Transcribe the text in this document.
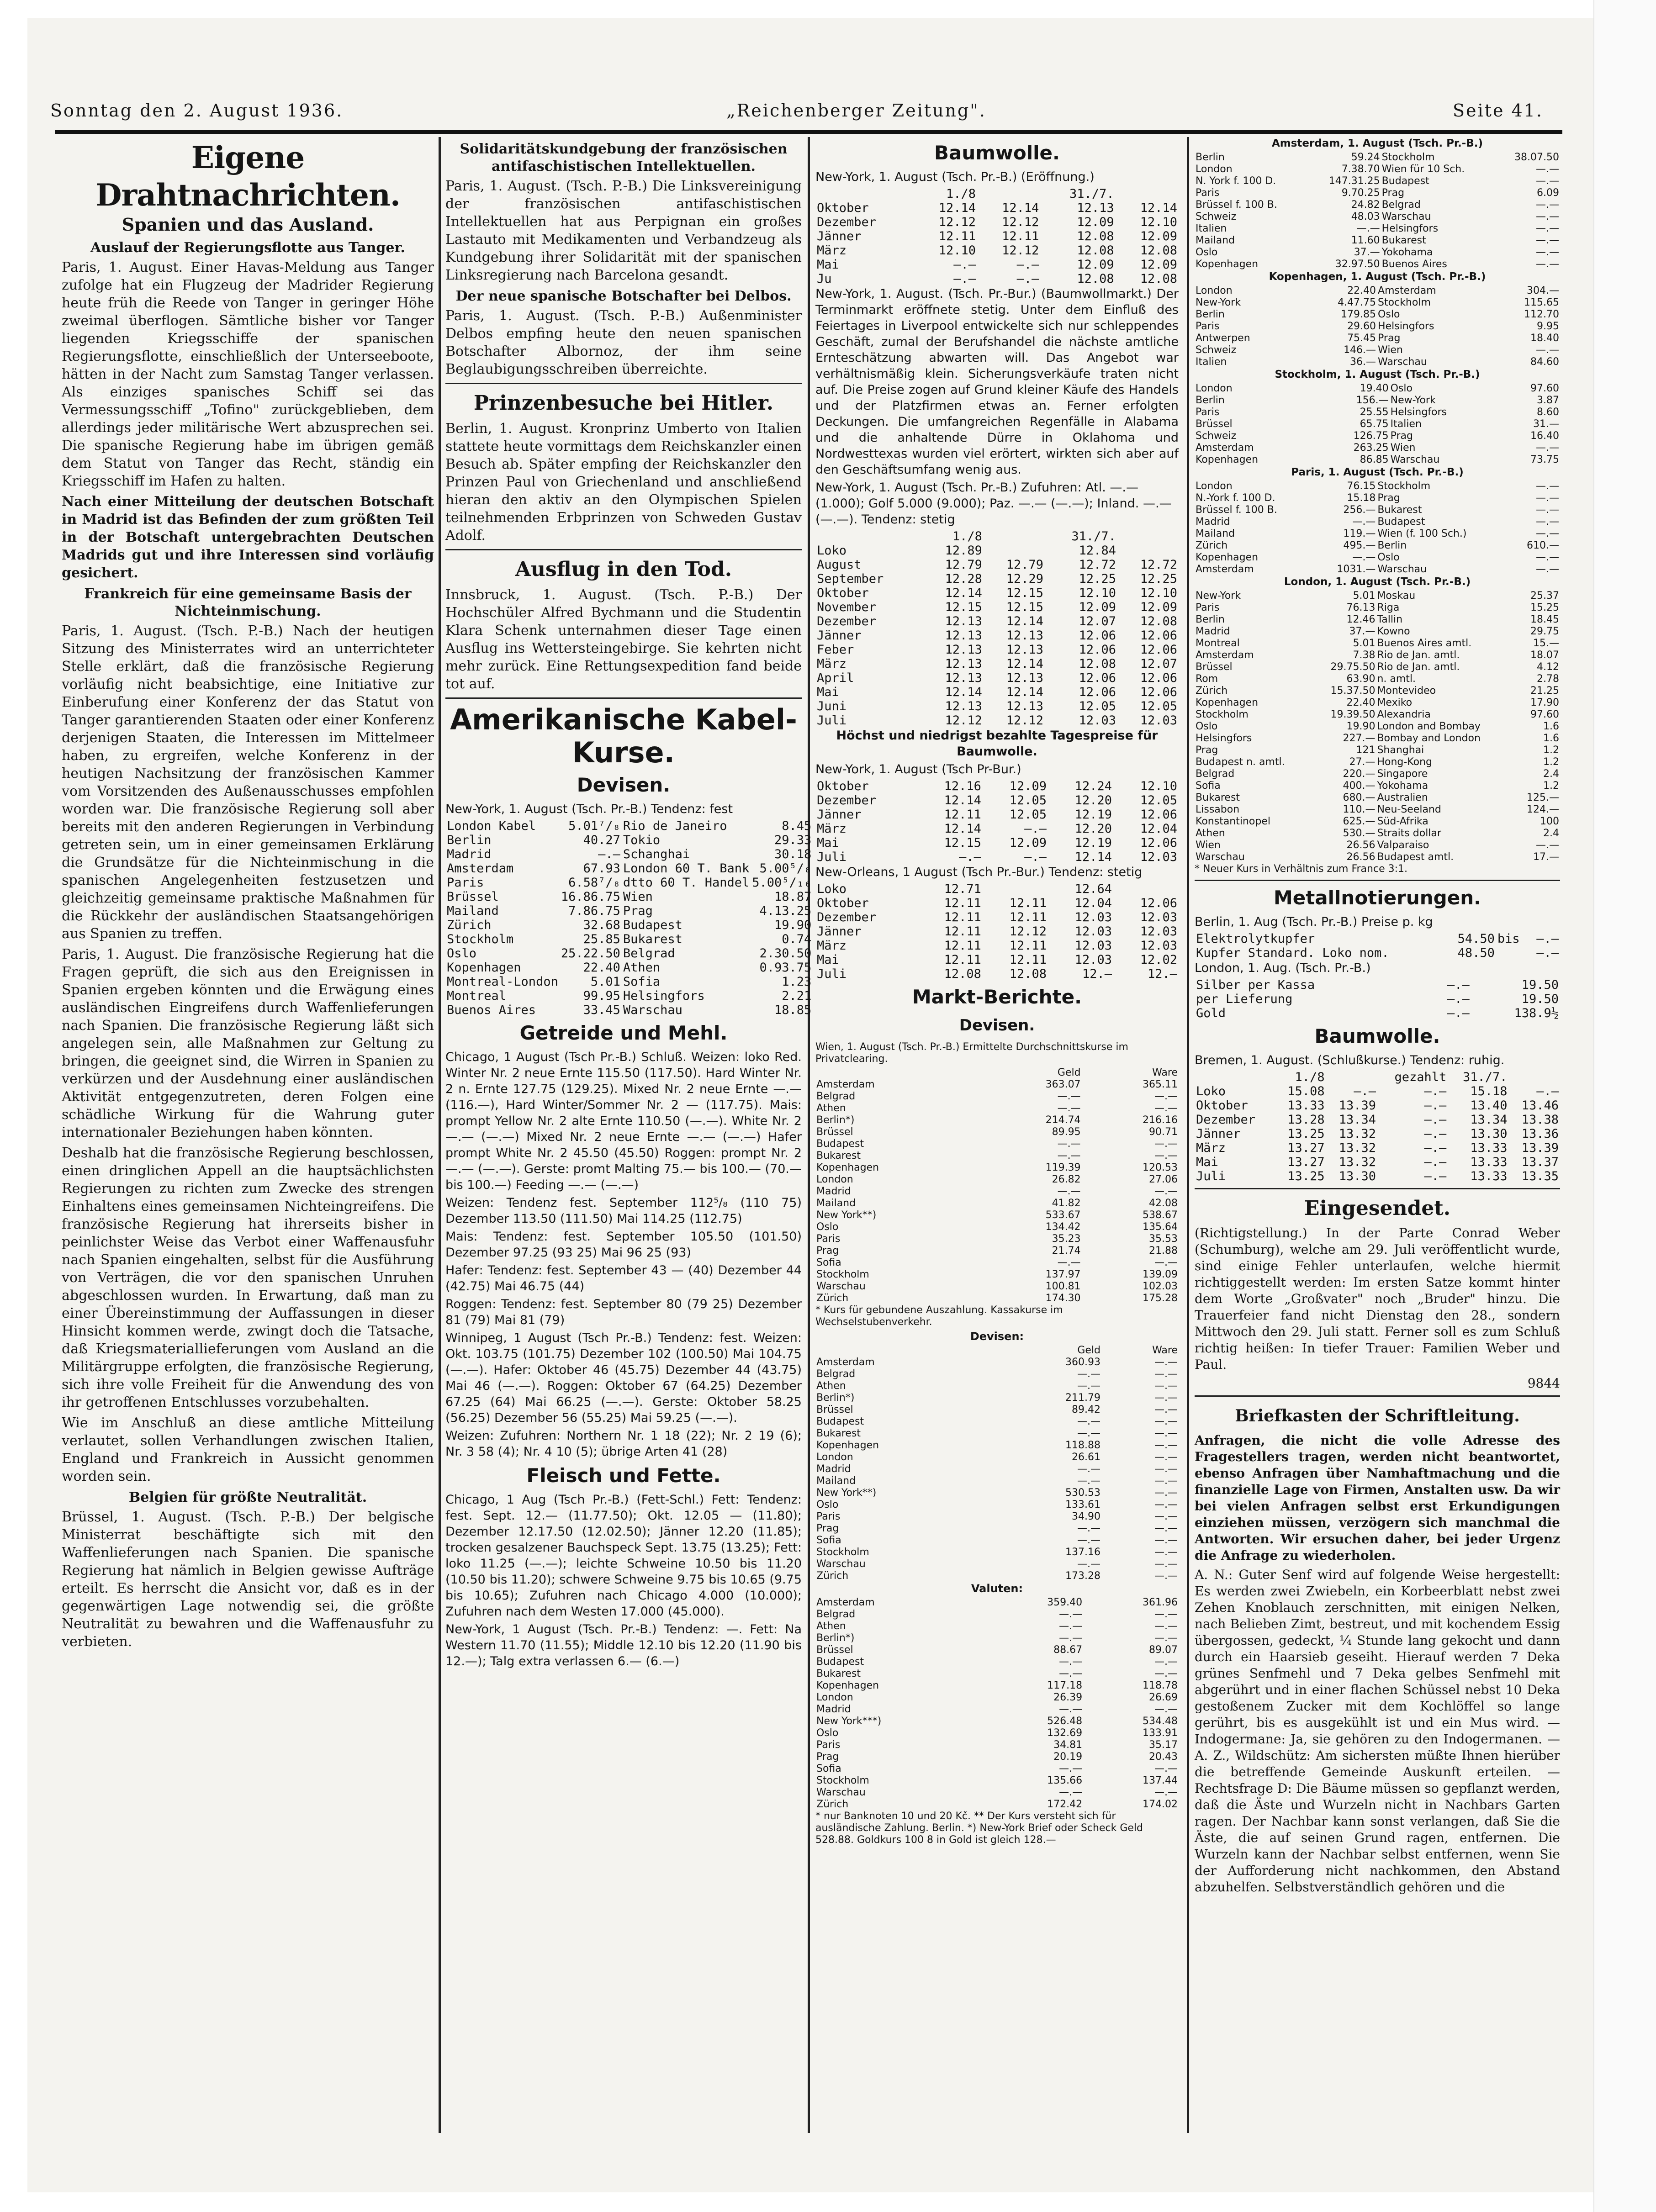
Sonntag den 2. August 1936.	„Reichenberger Zeitung".	Seite 41.
Eigene Drahtnachrichten.
Spanien und das Ausland.
Auslauf der Regierungsflotte aus Tanger.

Paris, 1. August. Einer Havas-Meldung aus Tanger zufolge hat ein Flugzeug der Madrider Regierung heute früh die Reede von Tanger in geringer Höhe zweimal überflogen. Sämtliche bisher vor Tanger liegenden Kriegsschiffe der spanischen Regierungsflotte, einschließlich der Unterseeboote, hätten in der Nacht zum Samstag Tanger verlassen. Als einziges spanisches Schiff sei das Vermessungsschiff „Tofino" zurückgeblieben, dem allerdings jeder militärische Wert abzusprechen sei. Die spanische Regierung habe im übrigen gemäß dem Statut von Tanger das Recht, ständig ein Kriegsschiff im Hafen zu halten.

Nach einer Mitteilung der deutschen Botschaft in Madrid ist das Befinden der zum größten Teil in der Botschaft untergebrachten Deutschen Madrids gut und ihre Interessen sind vorläufig gesichert.

Frankreich für eine gemeinsame Basis der Nichteinmischung.

Paris, 1. August. (Tsch. P.-B.) Nach der heutigen Sitzung des Ministerrates wird an unterrichteter Stelle erklärt, daß die französische Regierung vorläufig nicht beabsichtige, eine Initiative zur Einberufung einer Konferenz der das Statut von Tanger garantierenden Staaten oder einer Konferenz derjenigen Staaten, die Interessen im Mittelmeer haben, zu ergreifen, welche Konferenz in der heutigen Nachsitzung der französischen Kammer vom Vorsitzenden des Außenausschusses empfohlen worden war. Die französische Regierung soll aber bereits mit den anderen Regierungen in Verbindung getreten sein, um in einer gemeinsamen Erklärung die Grundsätze für die Nichteinmischung in die spanischen Angelegenheiten festzusetzen und gleichzeitig gemeinsame praktische Maßnahmen für die Rückkehr der ausländischen Staatsangehörigen aus Spanien zu treffen.

Paris, 1. August. Die französische Regierung hat die Fragen geprüft, die sich aus den Ereignissen in Spanien ergeben könnten und die Erwägung eines ausländischen Eingreifens durch Waffenlieferungen nach Spanien. Die französische Regierung läßt sich angelegen sein, alle Maßnahmen zur Geltung zu bringen, die geeignet sind, die Wirren in Spanien zu verkürzen und der Ausdehnung einer ausländischen Aktivität entgegenzutreten, deren Folgen eine schädliche Wirkung für die Wahrung guter internationaler Beziehungen haben könnten.

Deshalb hat die französische Regierung beschlossen, einen dringlichen Appell an die hauptsächlichsten Regierungen zu richten zum Zwecke des strengen Einhaltens eines gemeinsamen Nichteingreifens. Die französische Regierung hat ihrerseits bisher in peinlichster Weise das Verbot einer Waffenausfuhr nach Spanien eingehalten, selbst für die Ausführung von Verträgen, die vor den spanischen Unruhen abgeschlossen wurden. In Erwartung, daß man zu einer Übereinstimmung der Auffassungen in dieser Hinsicht kommen werde, zwingt doch die Tatsache, daß Kriegsmateriallieferungen vom Ausland an die Militärgruppe erfolgten, die französische Regierung, sich ihre volle Freiheit für die Anwendung des von ihr getroffenen Entschlusses vorzubehalten.

Wie im Anschluß an diese amtliche Mitteilung verlautet, sollen Verhandlungen zwischen Italien, England und Frankreich in Aussicht genommen worden sein.

Belgien für größte Neutralität.

Brüssel, 1. August. (Tsch. P.-B.) Der belgische Ministerrat beschäftigte sich mit den Waffenlieferungen nach Spanien. Die spanische Regierung hat nämlich in Belgien gewisse Aufträge erteilt. Es herrscht die Ansicht vor, daß es in der gegenwärtigen Lage notwendig sei, die größte Neutralität zu bewahren und die Waffenausfuhr zu verbieten.

Solidaritätskundgebung der französischen antifaschistischen Intellektuellen.

Paris, 1. August. (Tsch. P.-B.) Die Linksvereinigung der französischen antifaschistischen Intellektuellen hat aus Perpignan ein großes Lastauto mit Medikamenten und Verbandzeug als Kundgebung ihrer Solidarität mit der spanischen Linksregierung nach Barcelona gesandt.

Der neue spanische Botschafter bei Delbos.

Paris, 1. August. (Tsch. P.-B.) Außenminister Delbos empfing heute den neuen spanischen Botschafter Albornoz, der ihm seine Beglaubigungsschreiben überreichte.

Prinzenbesuche bei Hitler.

Berlin, 1. August. Kronprinz Umberto von Italien stattete heute vormittags dem Reichskanzler einen Besuch ab. Später empfing der Reichskanzler den Prinzen Paul von Griechenland und anschließend hieran den aktiv an den Olympischen Spielen teilnehmenden Erbprinzen von Schweden Gustav Adolf.

Ausflug in den Tod.

Innsbruck, 1. August. (Tsch. P.-B.) Der Hochschüler Alfred Bychmann und die Studentin Klara Schenk unternahmen dieser Tage einen Ausflug ins Wettersteingebirge. Sie kehrten nicht mehr zurück. Eine Rettungsexpedition fand beide tot auf.

Amerikanische Kabel-Kurse.
Devisen.
New-York, 1. August (Tsch. Pr.-B.) Tendenz: fest
London Kabel	5.01⁷/₈	Rio de Janeiro	8.45
Berlin	40.27	Tokio	29.33
Madrid	—.—	Schanghai	30.18
Amsterdam	67.93	London 60 T. Bank	5.00⁵/₈
Paris	6.58⁷/₈	dtto 60 T. Handel	5.00⁵/₁₆
Brüssel	16.86.75	Wien	18.87
Mailand	7.86.75	Prag	4.13.25
Zürich	32.68	Budapest	19.90
Stockholm	25.85	Bukarest	0.74
Oslo	25.22.50	Belgrad	2.30.50
Kopenhagen	22.40	Athen	0.93.75
Montreal-London	5.01	Sofia	1.23
Montreal	99.95	Helsingfors	2.21
Buenos Aires	33.45	Warschau	18.85
Getreide und Mehl.

Chicago, 1 August (Tsch Pr.-B.) Schluß. Weizen: loko Red. Winter Nr. 2 neue Ernte 115.50 (117.50). Hard Winter Nr. 2 n. Ernte 127.75 (129.25). Mixed Nr. 2 neue Ernte —.— (116.—), Hard Winter/Sommer Nr. 2 — (117.75). Mais: prompt Yellow Nr. 2 alte Ernte 110.50 (—.—). White Nr. 2 —.— (—.—) Mixed Nr. 2 neue Ernte —.— (—.—) Hafer prompt White Nr. 2 45.50 (45.50) Roggen: prompt Nr. 2 —.— (—.—). Gerste: promt Malting 75.— bis 100.— (70.— bis 100.—) Feeding —.— (—.—)

Weizen: Tendenz fest. September 112⁵/₈ (110 75) Dezember 113.50 (111.50) Mai 114.25 (112.75)

Mais: Tendenz: fest. September 105.50 (101.50) Dezember 97.25 (93 25) Mai 96 25 (93)

Hafer: Tendenz: fest. September 43 — (40) Dezember 44 (42.75) Mai 46.75 (44)

Roggen: Tendenz: fest. September 80 (79 25) Dezember 81 (79) Mai 81 (79)

Winnipeg, 1 August (Tsch Pr.-B.) Tendenz: fest. Weizen: Okt. 103.75 (101.75) Dezember 102 (100.50) Mai 104.75 (—.—). Hafer: Oktober 46 (45.75) Dezember 44 (43.75) Mai 46 (—.—). Roggen: Oktober 67 (64.25) Dezember 67.25 (64) Mai 66.25 (—.—). Gerste: Oktober 58.25 (56.25) Dezember 56 (55.25) Mai 59.25 (—.—).

Weizen: Zufuhren: Northern Nr. 1 18 (22); Nr. 2 19 (6); Nr. 3 58 (4); Nr. 4 10 (5); übrige Arten 41 (28)

Fleisch und Fette.

Chicago, 1 Aug (Tsch Pr.-B.) (Fett-Schl.) Fett: Tendenz: fest. Sept. 12.— (11.77.50); Okt. 12.05 — (11.80); Dezember 12.17.50 (12.02.50); Jänner 12.20 (11.85); trocken gesalzener Bauchspeck Sept. 13.75 (13.25); Fett: loko 11.25 (—.—); leichte Schweine 10.50 bis 11.20 (10.50 bis 11.20); schwere Schweine 9.75 bis 10.65 (9.75 bis 10.65); Zufuhren nach Chicago 4.000 (10.000); Zufuhren nach dem Westen 17.000 (45.000).

New-York, 1 August (Tsch. Pr.-B.) Tendenz: —. Fett: Na Western 11.70 (11.55); Middle 12.10 bis 12.20 (11.90 bis 12.—); Talg extra verlassen 6.— (6.—)

Baumwolle.
New-York, 1. August (Tsch. Pr.-B.) (Eröffnung.)
	1./8		31./7.	
Oktober	12.14	12.14	12.13	12.14
Dezember	12.12	12.12	12.09	12.10
Jänner	12.11	12.11	12.08	12.09
März	12.10	12.12	12.08	12.08
Mai	—.—	—.—	12.09	12.09
Ju	—.—	—.—	12.08	12.08

New-York, 1. August. (Tsch. Pr.-Bur.) (Baumwollmarkt.) Der Terminmarkt eröffnete stetig. Unter dem Einfluß des Feiertages in Liverpool entwickelte sich nur schleppendes Geschäft, zumal der Berufshandel die nächste amtliche Ernteschätzung abwarten will. Das Angebot war verhältnismäßig klein. Sicherungsverkäufe traten nicht auf. Die Preise zogen auf Grund kleiner Käufe des Handels und der Platzfirmen etwas an. Ferner erfolgten Deckungen. Die umfangreichen Regenfälle in Alabama und die anhaltende Dürre in Oklahoma und Nordwesttexas wurden viel erörtert, wirkten sich aber auf den Geschäftsumfang wenig aus.

New-York, 1. August (Tsch. Pr.-B.) Zufuhren: Atl. —.— (1.000); Golf 5.000 (9.000); Paz. —.— (—.—); Inland. —.— (—.—). Tendenz: stetig
	1./8		31./7.	
Loko	12.89		12.84	
August	12.79	12.79	12.72	12.72
September	12.28	12.29	12.25	12.25
Oktober	12.14	12.15	12.10	12.10
November	12.15	12.15	12.09	12.09
Dezember	12.13	12.14	12.07	12.08
Jänner	12.13	12.13	12.06	12.06
Feber	12.13	12.13	12.06	12.06
März	12.13	12.14	12.08	12.07
April	12.13	12.13	12.06	12.06
Mai	12.14	12.14	12.06	12.06
Juni	12.13	12.13	12.05	12.05
Juli	12.12	12.12	12.03	12.03
Höchst und niedrigst bezahlte Tagespreise für Baumwolle.
New-York, 1. August (Tsch Pr-Bur.)
Oktober	12.16	12.09	12.24	12.10
Dezember	12.14	12.05	12.20	12.05
Jänner	12.11	12.05	12.19	12.06
März	12.14	—.—	12.20	12.04
Mai	12.15	12.09	12.19	12.06
Juli	—.—	—.—	12.14	12.03
New-Orleans, 1 August (Tsch Pr.-Bur.) Tendenz: stetig
Loko	12.71		12.64	
Oktober	12.11	12.11	12.04	12.06
Dezember	12.11	12.11	12.03	12.03
Jänner	12.11	12.12	12.03	12.03
März	12.11	12.11	12.03	12.03
Mai	12.11	12.11	12.03	12.02
Juli	12.08	12.08	12.—	12.—
Markt-Berichte.
Devisen.
Wien, 1. August (Tsch. Pr.-B.) Ermittelte Durchschnittskurse im Privatclearing.
	Geld	Ware
Amsterdam	363.07	365.11
Belgrad	—.—	—.—
Athen	—.—	—.—
Berlin*)	214.74	216.16
Brüssel	89.95	90.71
Budapest	—.—	—.—
Bukarest	—.—	—.—
Kopenhagen	119.39	120.53
London	26.82	27.06
Madrid	—.—	—.—
Mailand	41.82	42.08
New York**)	533.67	538.67
Oslo	134.42	135.64
Paris	35.23	35.53
Prag	21.74	21.88
Sofia	—.—	—.—
Stockholm	137.97	139.09
Warschau	100.81	102.03
Zürich	174.30	175.28
* Kurs für gebundene Auszahlung. Kassakurse im Wechselstubenverkehr.
Devisen:
	Geld	Ware
Amsterdam	360.93	—.—
Belgrad	—.—	—.—
Athen	—.—	—.—
Berlin*)	211.79	—.—
Brüssel	89.42	—.—
Budapest	—.—	—.—
Bukarest	—.—	—.—
Kopenhagen	118.88	—.—
London	26.61	—.—
Madrid	—.—	—.—
Mailand	—.—	—.—
New York**)	530.53	—.—
Oslo	133.61	—.—
Paris	34.90	—.—
Prag	—.—	—.—
Sofia	—.—	—.—
Stockholm	137.16	—.—
Warschau	—.—	—.—
Zürich	173.28	—.—
Valuten:
Amsterdam	359.40	361.96
Belgrad	—.—	—.—
Athen	—.—	—.—
Berlin*)	—.—	—.—
Brüssel	88.67	89.07
Budapest	—.—	—.—
Bukarest	—.—	—.—
Kopenhagen	117.18	118.78
London	26.39	26.69
Madrid	—.—	—.—
New York***)	526.48	534.48
Oslo	132.69	133.91
Paris	34.81	35.17
Prag	20.19	20.43
Sofia	—.—	—.—
Stockholm	135.66	137.44
Warschau	—.—	—.—
Zürich	172.42	174.02
* nur Banknoten 10 und 20 Kč. ** Der Kurs versteht sich für ausländische Zahlung. Berlin. *) New-York Brief oder Scheck Geld 528.88. Goldkurs 100 8 in Gold ist gleich 128.—
Amsterdam, 1. August (Tsch. Pr.-B.)
Berlin	59.24	Stockholm	38.07.50
London	7.38.70	Wien für 10 Sch.	—.—
N. York f. 100 D.	147.31.25	Budapest	—.—
Paris	9.70.25	Prag	6.09
Brüssel f. 100 B.	24.82	Belgrad	—.—
Schweiz	48.03	Warschau	—.—
Italien	—.—	Helsingfors	—.—
Mailand	11.60	Bukarest	—.—
Oslo	37.—	Yokohama	—.—
Kopenhagen	32.97.50	Buenos Aires	—.—
Kopenhagen, 1. August (Tsch. Pr.-B.)
London	22.40	Amsterdam	304.—
New-York	4.47.75	Stockholm	115.65
Berlin	179.85	Oslo	112.70
Paris	29.60	Helsingfors	9.95
Antwerpen	75.45	Prag	18.40
Schweiz	146.—	Wien	—.—
Italien	36.—	Warschau	84.60
Stockholm, 1. August (Tsch. Pr.-B.)
London	19.40	Oslo	97.60
Berlin	156.—	New-York	3.87
Paris	25.55	Helsingfors	8.60
Brüssel	65.75	Italien	31.—
Schweiz	126.75	Prag	16.40
Amsterdam	263.25	Wien	—.—
Kopenhagen	86.85	Warschau	73.75
Paris, 1. August (Tsch. Pr.-B.)
London	76.15	Stockholm	—.—
N.-York f. 100 D.	15.18	Prag	—.—
Brüssel f. 100 B.	256.—	Bukarest	—.—
Madrid	—.—	Budapest	—.—
Mailand	119.—	Wien (f. 100 Sch.)	—.—
Zürich	495.—	Berlin	610.—
Kopenhagen	—.—	Oslo	—.—
Amsterdam	1031.—	Warschau	—.—
London, 1. August (Tsch. Pr.-B.)
New-York	5.01	Moskau	25.37
Paris	76.13	Riga	15.25
Berlin	12.46	Tallin	18.45
Madrid	37.—	Kowno	29.75
Montreal	5.01	Buenos Aires amtl.	15.—
Amsterdam	7.38	Rio de Jan. amtl.	18.07
Brüssel	29.75.50	Rio de Jan. amtl.	4.12
Rom	63.90	n. amtl.	2.78
Zürich	15.37.50	Montevideo	21.25
Kopenhagen	22.40	Mexiko	17.90
Stockholm	19.39.50	Alexandria	97.60
Oslo	19.90	London and Bombay	1.6
Helsingfors	227.—	Bombay and London	1.6
Prag	121	Shanghai	1.2
Budapest n. amtl.	27.—	Hong-Kong	1.2
Belgrad	220.—	Singapore	2.4
Sofia	400.—	Yokohama	1.2
Bukarest	680.—	Australien	125.—
Lissabon	110.—	Neu-Seeland	124.—
Konstantinopel	625.—	Süd-Afrika	100
Athen	530.—	Straits dollar	2.4
Wien	26.56	Valparaiso	—.—
Warschau	26.56	Budapest amtl.	17.—
* Neuer Kurs in Verhältnis zum France 3:1.
Metallnotierungen.
Berlin, 1. Aug (Tsch. Pr.-B.) Preise p. kg
Elektrolytkupfer	54.50	bis	—.—
Kupfer Standard. Loko nom.	48.50		—.—
London, 1. Aug. (Tsch. Pr.-B.)
Silber per Kassa	—.—	19.50
per Lieferung	—.—	19.50
Gold	—.—	138.9½
Baumwolle.
Bremen, 1. August. (Schlußkurse.) Tendenz: ruhig.
	1./8		gezahlt	31./7.	
Loko	15.08	—.—	—.—	15.18	—.—
Oktober	13.33	13.39	—.—	13.40	13.46
Dezember	13.28	13.34	—.—	13.34	13.38
Jänner	13.25	13.32	—.—	13.30	13.36
März	13.27	13.32	—.—	13.33	13.39
Mai	13.27	13.32	—.—	13.33	13.37
Juli	13.25	13.30	—.—	13.33	13.35
Eingesendet.

(Richtigstellung.) In der Parte Conrad Weber (Schumburg), welche am 29. Juli veröffentlicht wurde, sind einige Fehler unterlaufen, welche hiermit richtiggestellt werden: Im ersten Satze kommt hinter dem Worte „Großvater" noch „Bruder" hinzu. Die Trauerfeier fand nicht Dienstag den 28., sondern Mittwoch den 29. Juli statt. Ferner soll es zum Schluß richtig heißen: In tiefer Trauer: Familien Weber und Paul.

9844
Briefkasten der Schriftleitung.

Anfragen, die nicht die volle Adresse des Fragestellers tragen, werden nicht beantwortet, ebenso Anfragen über Namhaftmachung und die finanzielle Lage von Firmen, Anstalten usw. Da wir bei vielen Anfragen selbst erst Erkundigungen einziehen müssen, verzögern sich manchmal die Antworten. Wir ersuchen daher, bei jeder Urgenz die Anfrage zu wiederholen.

A. N.: Guter Senf wird auf folgende Weise hergestellt: Es werden zwei Zwiebeln, ein Korbeerblatt nebst zwei Zehen Knoblauch zerschnitten, mit einigen Nelken, nach Belieben Zimt, bestreut, und mit kochendem Essig übergossen, gedeckt, ¼ Stunde lang gekocht und dann durch ein Haarsieb geseiht. Hierauf werden 7 Deka grünes Senfmehl und 7 Deka gelbes Senfmehl mit abgerührt und in einer flachen Schüssel nebst 10 Deka gestoßenem Zucker mit dem Kochlöffel so lange gerührt, bis es ausgekühlt ist und ein Mus wird. — Indogermane: Ja, sie gehören zu den Indogermanen. — A. Z., Wildschütz: Am sichersten müßte Ihnen hierüber die betreffende Gemeinde Auskunft erteilen. — Rechtsfrage D: Die Bäume müssen so gepflanzt werden, daß die Äste und Wurzeln nicht in Nachbars Garten ragen. Der Nachbar kann sonst verlangen, daß Sie die Äste, die auf seinen Grund ragen, entfernen. Die Wurzeln kann der Nachbar selbst entfernen, wenn Sie der Aufforderung nicht nachkommen, den Abstand abzuhelfen. Selbstverständlich gehören und die
